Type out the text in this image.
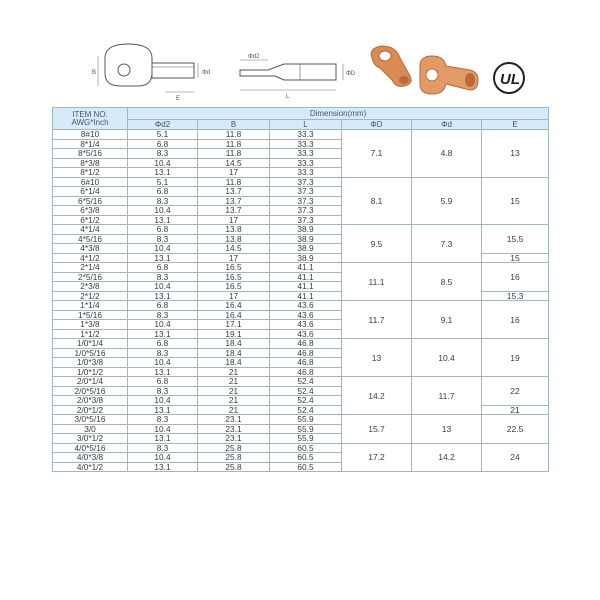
B	Φd
E
Φd2
ΦD
L
UL
ITEM NO.
AWG*Inch	Dimension(mm)					
	Φd2	B	L	ΦD	Φd	E
8#10	5.1	11.8	33.3	7.1	4.8	13
8*1/4	6.8	11.8	33.3			
8*5/16	8.3	11.8	33.3			
8*3/8	10.4	14.5	33.3			
8*1/2	13.1	17	33.3			
6#10	5.1	11.8	37.3	8.1	5.9	15
6*1/4	6.8	13.7	37.3			
6*5/16	8.3	13.7	37.3			
6*3/8	10.4	13.7	37.3			
6*1/2	13.1	17	37.3			
4*1/4	6.8	13.8	38.9	9.5	7.3	15.5
4*5/16	8.3	13.8	38.9			
4*3/8	10.4	14.5	38.9			
4*1/2	13.1	17	38.9			15
2*1/4	6.8	16.5	41.1	11.1	8.5	16
2*5/16	8.3	16.5	41.1			
2*3/8	10.4	16.5	41.1			
2*1/2	13.1	17	41.1			15.3
1*1/4	6.8	16.4	43.6	11.7	9.1	16
1*5/16	8.3	16.4	43.6			
1*3/8	10.4	17.1	43.6			
1*1/2	13.1	19.1	43.6			
1/0*1/4	6.8	18.4	46.8	13	10.4	19
1/0*5/16	8.3	18.4	46.8			
1/0*3/8	10.4	18.4	46.8			
1/0*1/2	13.1	21	46.8			
2/0*1/4	6.8	21	52.4	14.2	11.7	22
2/0*5/16	8.3	21	52.4			
2/0*3/8	10.4	21	52.4			
2/0*1/2	13.1	21	52.4			21
3/0*5/16	8.3	23.1	55.9	15.7	13	22.5
3/0	10.4	23.1	55.9			
3/0*1/2	13.1	23.1	55.9			
4/0*5/16	8.3	25.8	60.5	17.2	14.2	24
4/0*3/8	10.4	25.8	60.5			
4/0*1/2	13.1	25.8	60.5			
